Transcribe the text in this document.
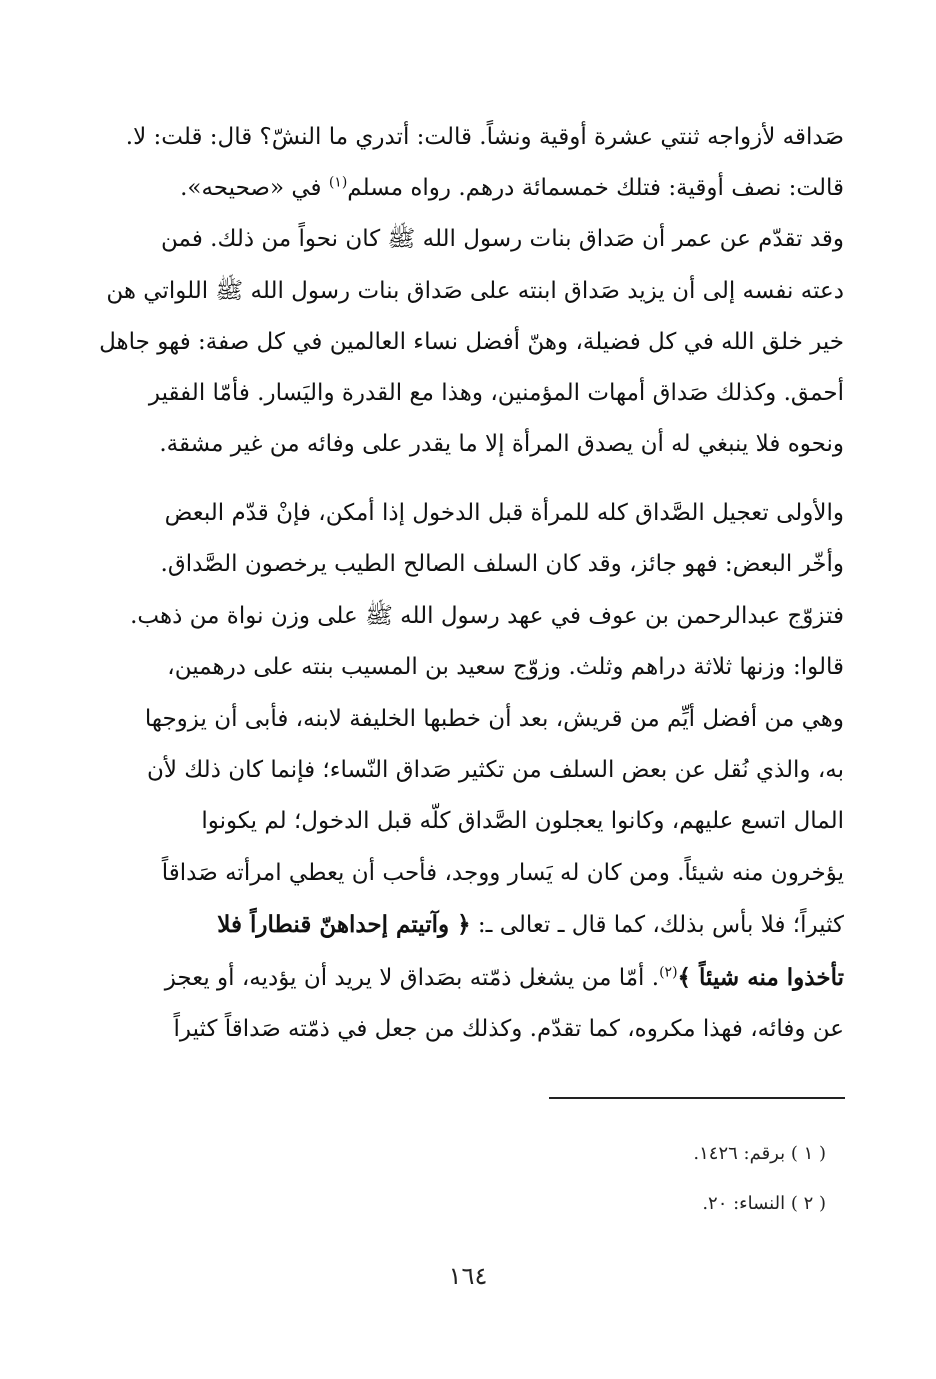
صَداقه لأزواجه ثنتي عشرة أوقية ونشاً. قالت: أتدري ما النشّ؟ قال: قلت: لا.
قالت: نصف أوقية: فتلك خمسمائة درهم. رواه مسلم$^{(١)}$ في «صحيحه».
وقد تقدّم عن عمر أن صَداق بنات رسول الله ﷺ كان نحواً من ذلك. فمن
دعته نفسه إلى أن يزيد صَداق ابنته على صَداق بنات رسول الله ﷺ اللواتي هن
خير خلق الله في كل فضيلة، وهنّ أفضل نساء العالمين في كل صفة: فهو جاهل
أحمق. وكذلك صَداق أمهات المؤمنين، وهذا مع القدرة واليَسار. فأمّا الفقير
ونحوه فلا ينبغي له أن يصدق المرأة إلا ما يقدر على وفائه من غير مشقة.
والأولى تعجيل الصَّداق كله للمرأة قبل الدخول إذا أمكن، فإنْ قدّم البعض
وأخّر البعض: فهو جائز، وقد كان السلف الصالح الطيب يرخصون الصَّداق.
فتزوّج عبدالرحمن بن عوف في عهد رسول الله ﷺ على وزن نواة من ذهب.
قالوا: وزنها ثلاثة دراهم وثلث. وزوّج سعيد بن المسيب بنته على درهمين،
وهي من أفضل أيِّم من قريش، بعد أن خطبها الخليفة لابنه، فأبى أن يزوجها
به، والذي نُقل عن بعض السلف من تكثير صَداق النّساء؛ فإنما كان ذلك لأن
المال اتسع عليهم، وكانوا يعجلون الصَّداق كلّه قبل الدخول؛ لم يكونوا
يؤخرون منه شيئاً. ومن كان له يَسار ووجد، فأحب أن يعطي امرأته صَداقاً
كثيراً؛ فلا بأس بذلك، كما قال ـ تعالى ـ: ﴿ وآتيتم إحداهنّ قنطاراً فلا
تأخذوا منه شيئاً ﴾$^{(٢)}$. أمّا من يشغل ذمّته بصَداق لا يريد أن يؤديه، أو يعجز
عن وفائه، فهذا مكروه، كما تقدّم. وكذلك من جعل في ذمّته صَداقاً كثيراً
( ١ ) برقم: ١٤٢٦.
( ٢ ) النساء: ٢٠.
١٦٤
